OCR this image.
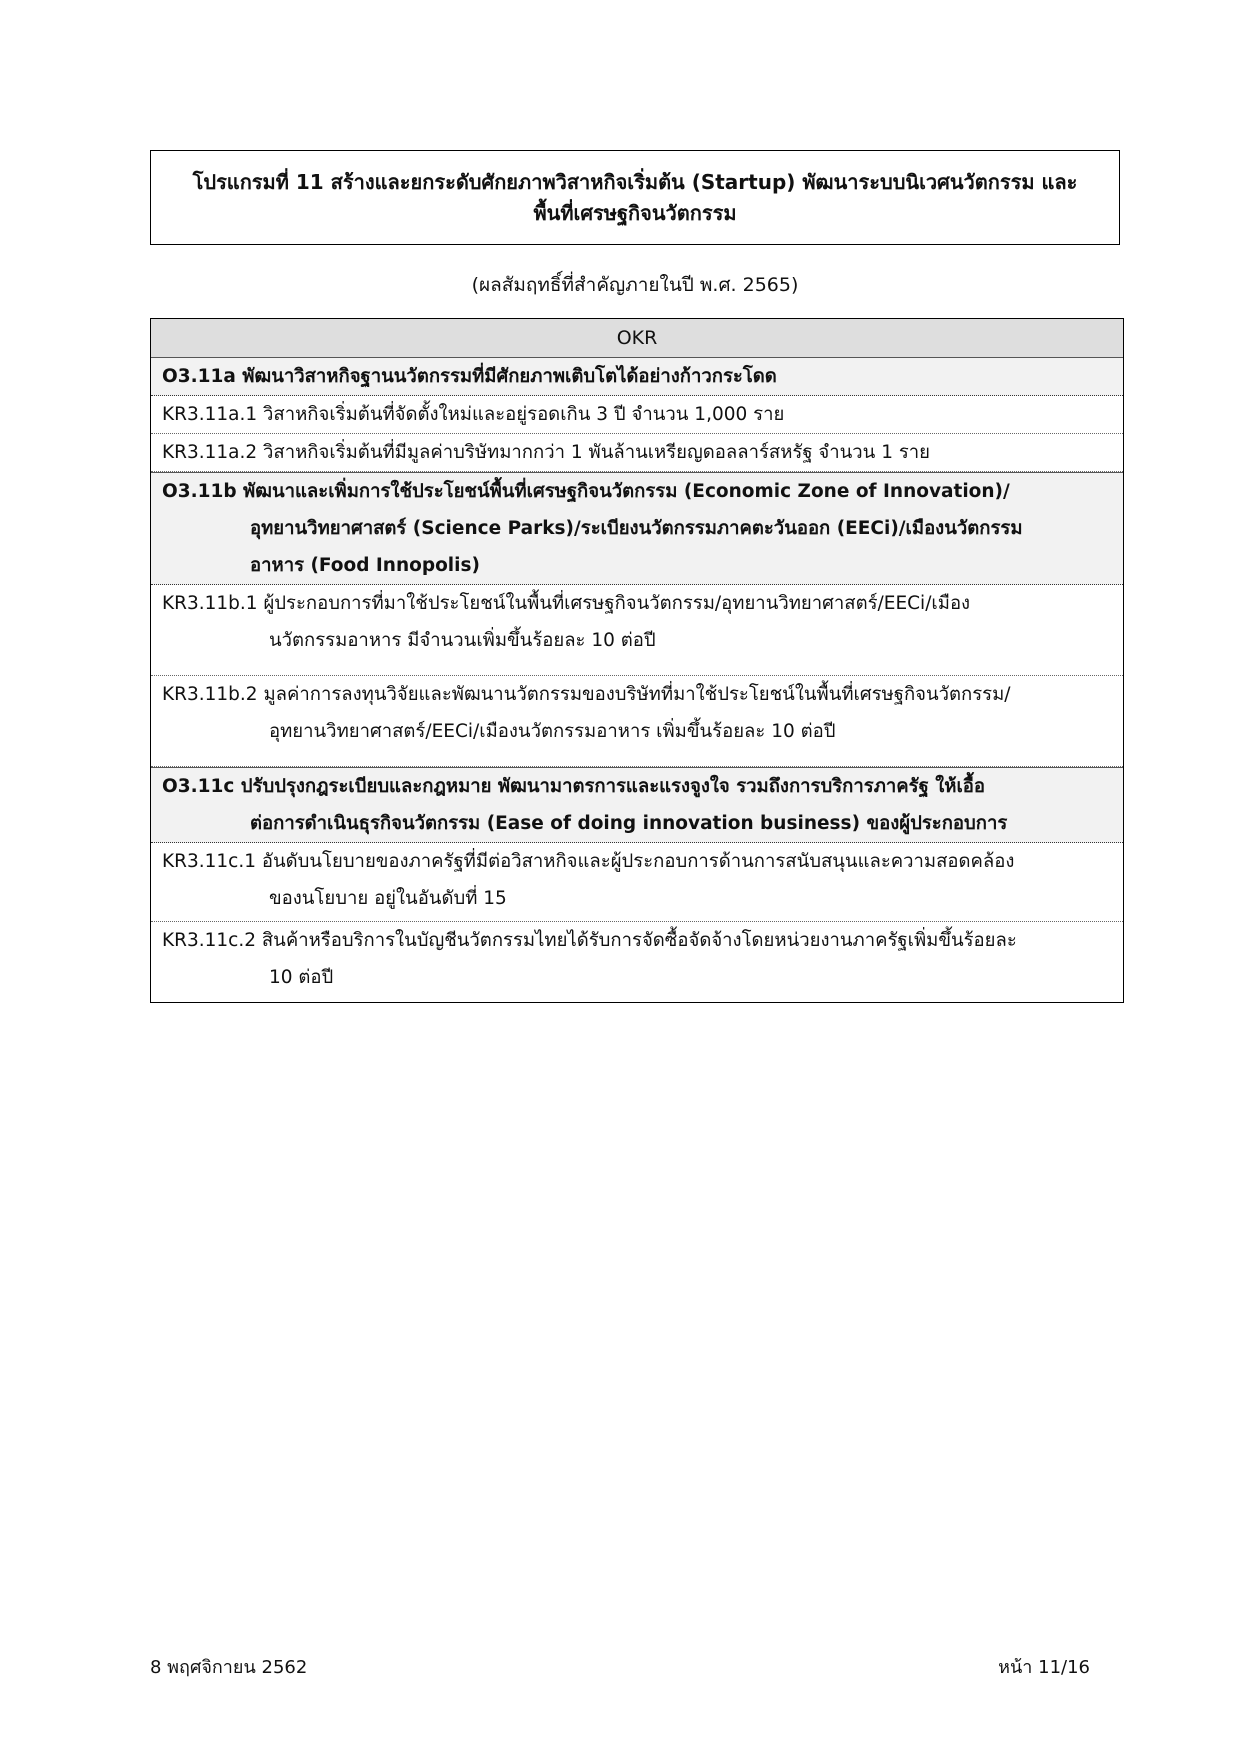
โปรแกรมที่ 11 สร้างและยกระดับศักยภาพวิสาหกิจเริ่มต้น (Startup) พัฒนาระบบนิเวศนวัตกรรม และ
พื้นที่เศรษฐกิจนวัตกรรม
(ผลสัมฤทธิ์ที่สำคัญภายในปี พ.ศ. 2565)
OKR
O3.11a พัฒนาวิสาหกิจฐานนวัตกรรมที่มีศักยภาพเติบโตได้อย่างก้าวกระโดด
KR3.11a.1 วิสาหกิจเริ่มต้นที่จัดตั้งใหม่และอยู่รอดเกิน 3 ปี จำนวน 1,000 ราย
KR3.11a.2 วิสาหกิจเริ่มต้นที่มีมูลค่าบริษัทมากกว่า 1 พันล้านเหรียญดอลลาร์สหรัฐ จำนวน 1 ราย
O3.11b พัฒนาและเพิ่มการใช้ประโยชน์พื้นที่เศรษฐกิจนวัตกรรม (Economic Zone of Innovation)/
อุทยานวิทยาศาสตร์ (Science Parks)/ระเบียงนวัตกรรมภาคตะวันออก (EECi)/เมืองนวัตกรรม
อาหาร (Food Innopolis)
KR3.11b.1 ผู้ประกอบการที่มาใช้ประโยชน์ในพื้นที่เศรษฐกิจนวัตกรรม/อุทยานวิทยาศาสตร์/EECi/เมือง
นวัตกรรมอาหาร มีจำนวนเพิ่มขึ้นร้อยละ 10 ต่อปี
KR3.11b.2 มูลค่าการลงทุนวิจัยและพัฒนานวัตกรรมของบริษัทที่มาใช้ประโยชน์ในพื้นที่เศรษฐกิจนวัตกรรม/
อุทยานวิทยาศาสตร์/EECi/เมืองนวัตกรรมอาหาร เพิ่มขึ้นร้อยละ 10 ต่อปี
O3.11c ปรับปรุงกฎระเบียบและกฎหมาย พัฒนามาตรการและแรงจูงใจ รวมถึงการบริการภาครัฐ ให้เอื้อ
ต่อการดำเนินธุรกิจนวัตกรรม (Ease of doing innovation business) ของผู้ประกอบการ
KR3.11c.1 อันดับนโยบายของภาครัฐที่มีต่อวิสาหกิจและผู้ประกอบการด้านการสนับสนุนและความสอดคล้อง
ของนโยบาย อยู่ในอันดับที่ 15
KR3.11c.2 สินค้าหรือบริการในบัญชีนวัตกรรมไทยได้รับการจัดซื้อจัดจ้างโดยหน่วยงานภาครัฐเพิ่มขึ้นร้อยละ
10 ต่อปี
8 พฤศจิกายน 2562	หน้า 11/16
